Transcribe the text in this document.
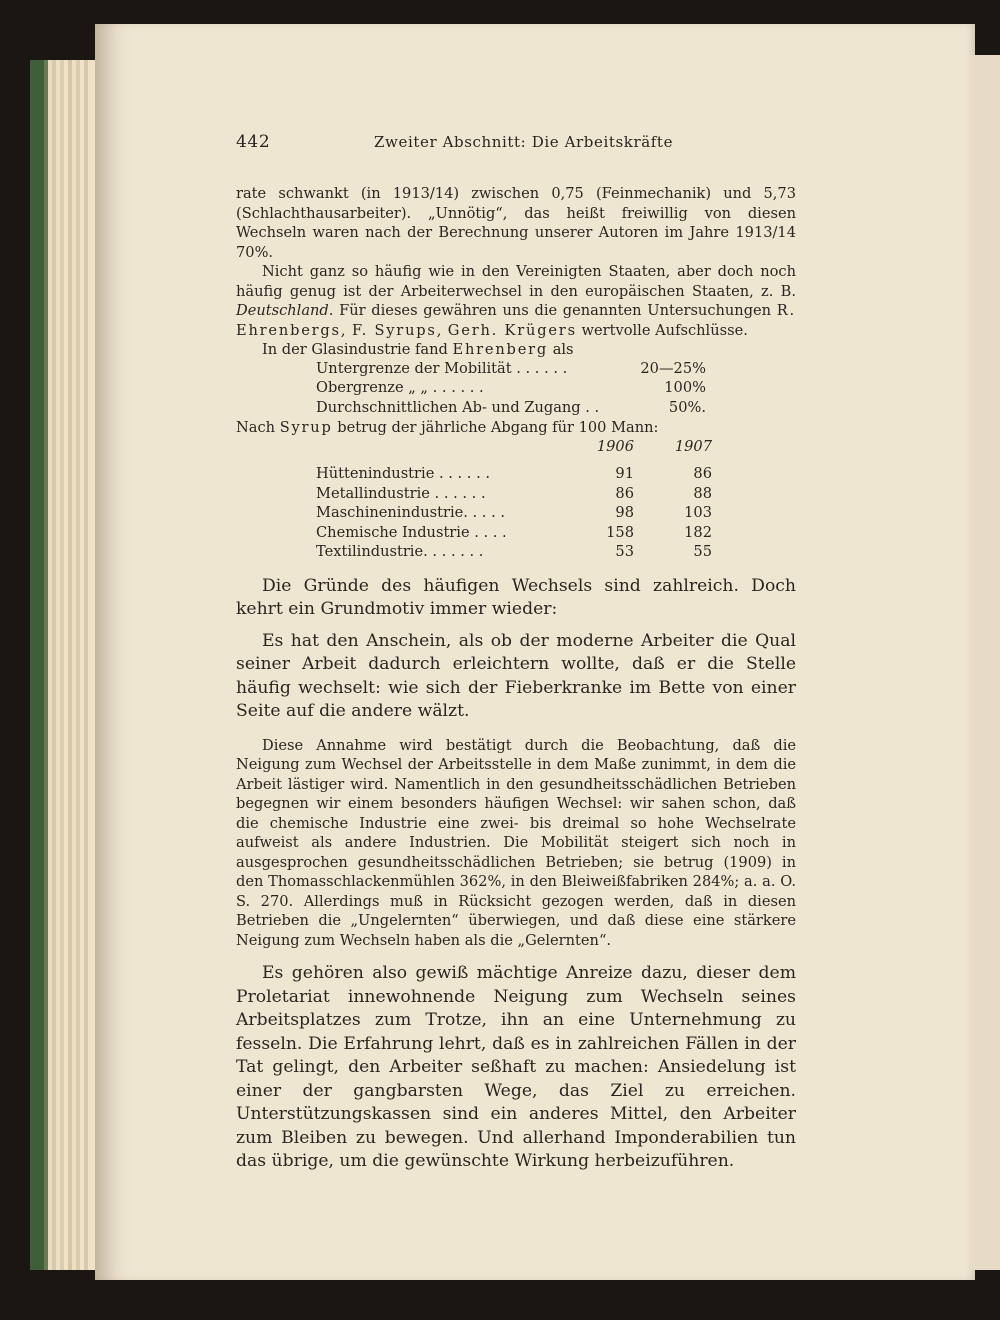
442	Zweiter Abschnitt: Die Arbeitskräfte

rate schwankt (in 1913/14) zwischen 0,75 (Feinmechanik) und 5,73 (Schlachthausarbeiter). „Unnötig“, das heißt freiwillig von diesen Wechseln waren nach der Berechnung unserer Autoren im Jahre 1913/14 70%.

Nicht ganz so häufig wie in den Vereinigten Staaten, aber doch noch häufig genug ist der Arbeiterwechsel in den europäischen Staaten, z. B. Deutschland. Für dieses gewähren uns die genannten Untersuchungen R. Ehrenbergs, F. Syrups, Gerh. Krügers wertvolle Aufschlüsse.

In der Glasindustrie fand Ehrenberg als

Untergrenze der Mobilität . . . . . .	20—25%
Obergrenze „ „ . . . . . .	100%
Durchschnittlichen Ab- und Zugang . .	50%.

Nach Syrup betrug der jährliche Abgang für 100 Mann:

1906	1907
Hüttenindustrie . . . . . .	91	86
Metallindustrie . . . . . .	86	88
Maschinenindustrie. . . . .	98	103
Chemische Industrie . . . .	158	182
Textilindustrie. . . . . . .	53	55

Die Gründe des häufigen Wechsels sind zahlreich. Doch kehrt ein Grundmotiv immer wieder:

Es hat den Anschein, als ob der moderne Arbeiter die Qual seiner Arbeit dadurch erleichtern wollte, daß er die Stelle häufig wechselt: wie sich der Fieberkranke im Bette von einer Seite auf die andere wälzt.

Diese Annahme wird bestätigt durch die Beobachtung, daß die Neigung zum Wechsel der Arbeitsstelle in dem Maße zunimmt, in dem die Arbeit lästiger wird. Namentlich in den gesundheitsschädlichen Betrieben begegnen wir einem besonders häufigen Wechsel: wir sahen schon, daß die chemische Industrie eine zwei- bis dreimal so hohe Wechselrate aufweist als andere Industrien. Die Mobilität steigert sich noch in ausgesprochen gesundheitsschädlichen Betrieben; sie betrug (1909) in den Thomasschlackenmühlen 362%, in den Bleiweißfabriken 284%; a. a. O. S. 270. Allerdings muß in Rücksicht gezogen werden, daß in diesen Betrieben die „Ungelernten“ überwiegen, und daß diese eine stärkere Neigung zum Wechseln haben als die „Gelernten“.

Es gehören also gewiß mächtige Anreize dazu, dieser dem Proletariat innewohnende Neigung zum Wechseln seines Arbeitsplatzes zum Trotze, ihn an eine Unternehmung zu fesseln. Die Erfahrung lehrt, daß es in zahlreichen Fällen in der Tat gelingt, den Arbeiter seßhaft zu machen: Ansiedelung ist einer der gangbarsten Wege, das Ziel zu erreichen. Unterstützungskassen sind ein anderes Mittel, den Arbeiter zum Bleiben zu bewegen. Und allerhand Imponderabilien tun das übrige, um die gewünschte Wirkung herbeizuführen.
